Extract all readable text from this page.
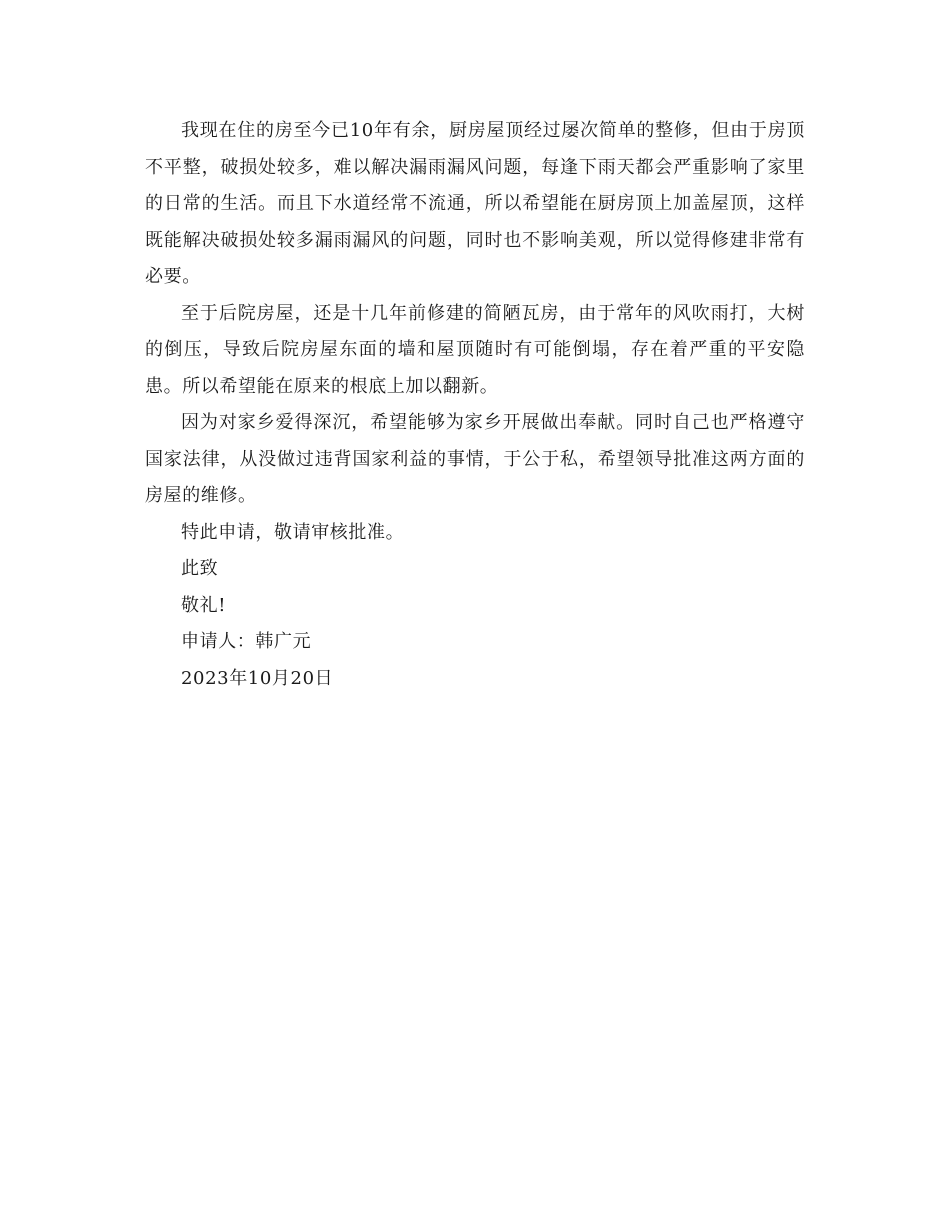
我现在住的房至今已10年有余，厨房屋顶经过屡次简单的整修，但由于房顶不平整，破损处较多，难以解决漏雨漏风问题，每逢下雨天都会严重影响了家里的日常的生活。而且下水道经常不流通，所以希望能在厨房顶上加盖屋顶，这样既能解决破损处较多漏雨漏风的问题，同时也不影响美观，所以觉得修建非常有必要。

至于后院房屋，还是十几年前修建的简陋瓦房，由于常年的风吹雨打，大树的倒压，导致后院房屋东面的墙和屋顶随时有可能倒塌，存在着严重的平安隐患。所以希望能在原来的根底上加以翻新。

因为对家乡爱得深沉，希望能够为家乡开展做出奉献。同时自己也严格遵守国家法律，从没做过违背国家利益的事情，于公于私，希望领导批准这两方面的房屋的维修。

特此申请，敬请审核批准。

此致

敬礼!

申请人：韩广元

2023年10月20日
